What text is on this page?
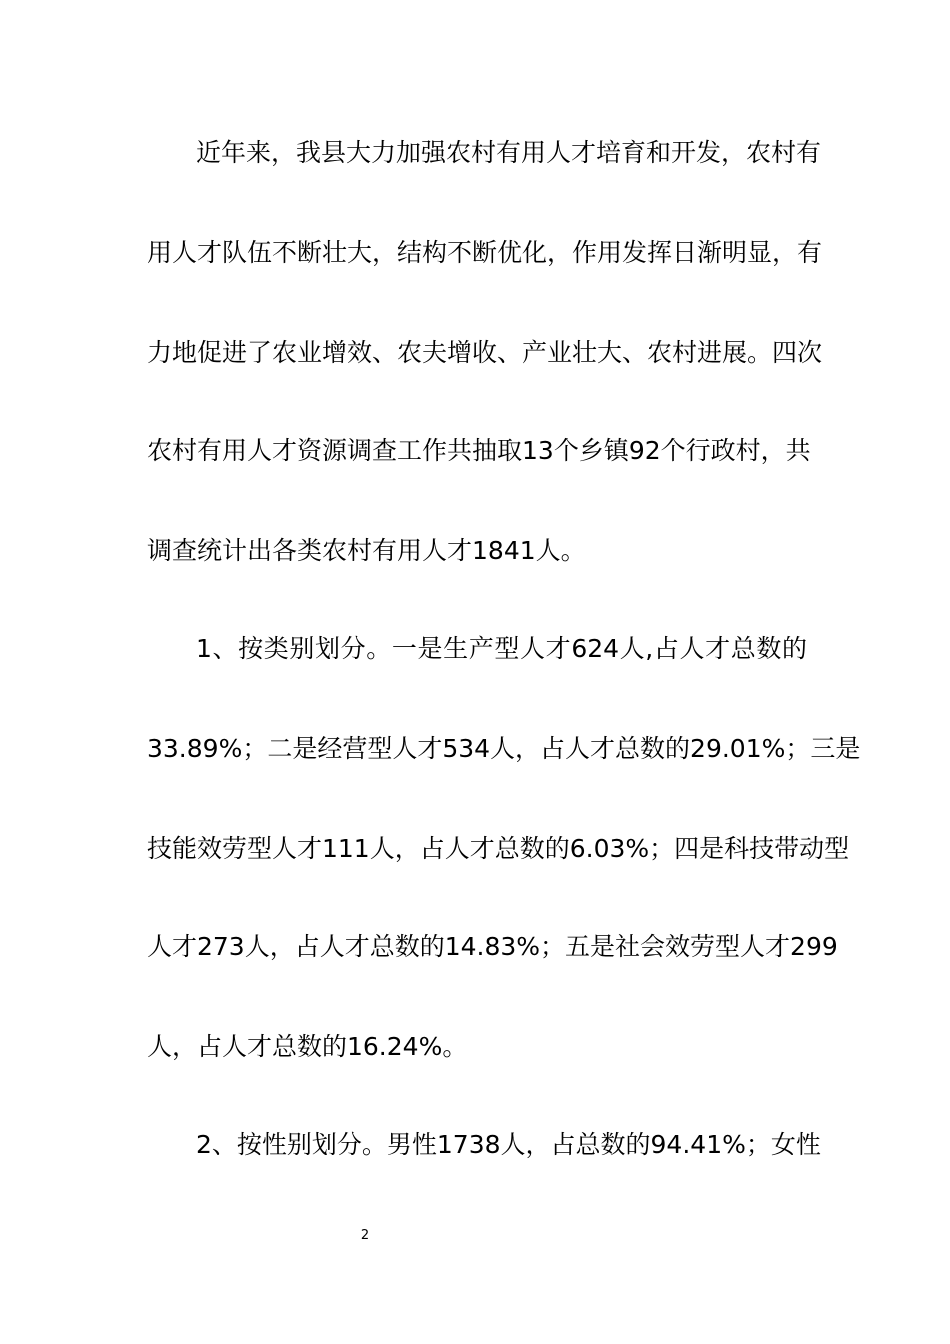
近年来，我县大力加强农村有用人才培育和开发，农村有
用人才队伍不断壮大，结构不断优化，作用发挥日渐明显，有
力地促进了农业增效、农夫增收、产业壮大、农村进展。四次
农村有用人才资源调查工作共抽取13个乡镇92个行政村，共
调查统计出各类农村有用人才1841人。
1、按类别划分。一是生产型人才624人,占人才总数的
33.89%；二是经营型人才534人，占人才总数的29.01%；三是
技能效劳型人才111人，占人才总数的6.03%；四是科技带动型
人才273人，占人才总数的14.83%；五是社会效劳型人才299
人，占人才总数的16.24%。
2、按性别划分。男性1738人，占总数的94.41%；女性
2
